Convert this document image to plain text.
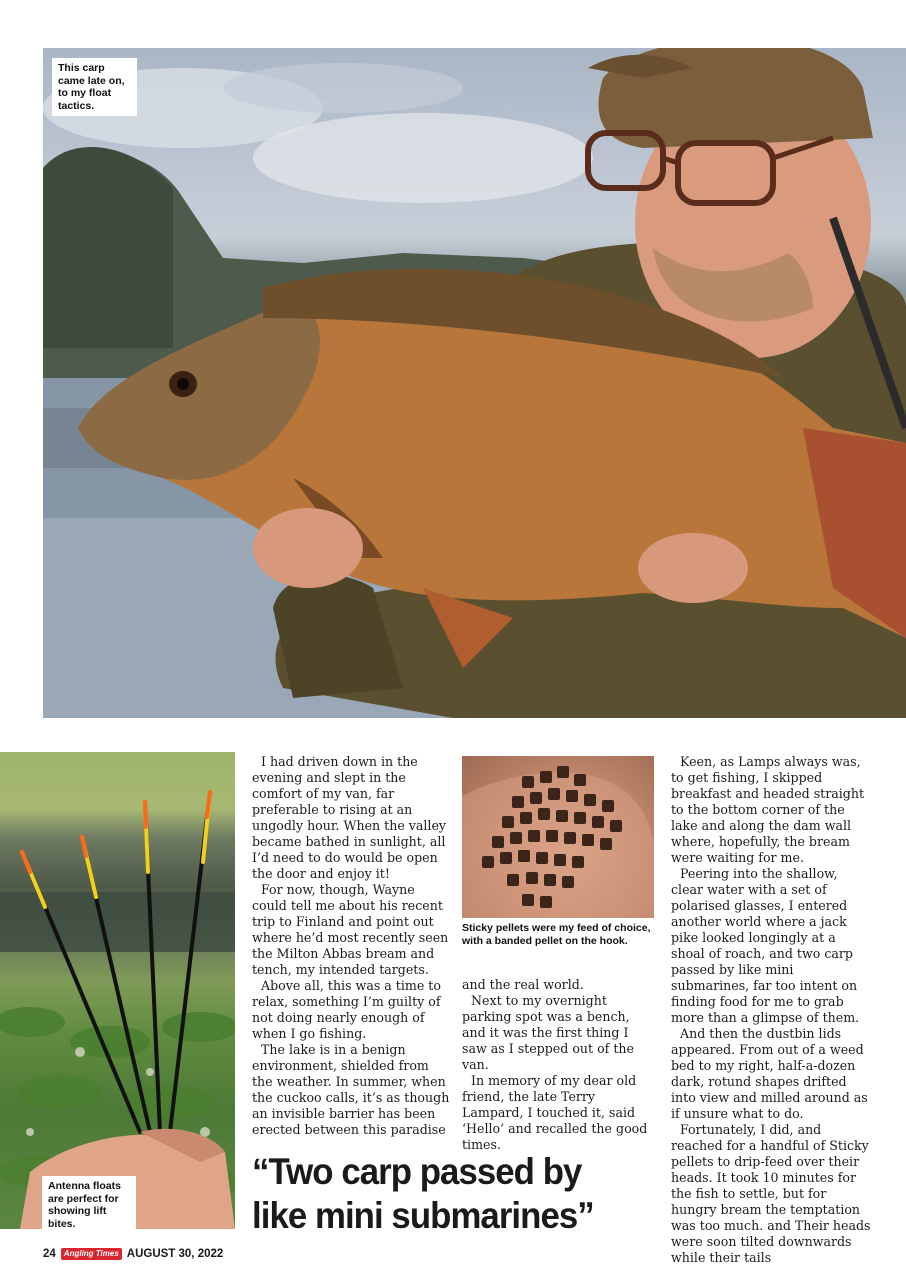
This carp came late on, to my float tactics.
Antenna floats are perfect for showing lift bites.
Sticky pellets were my feed of choice, with a banded pellet on the hook.

I had driven down in the evening and slept in the comfort of my van, far preferable to rising at an ungodly hour. When the valley became bathed in sunlight, all I’d need to do would be open the door and enjoy it!

For now, though, Wayne could tell me about his recent trip to Finland and point out where he’d most recently seen the Milton Abbas bream and tench, my intended targets.

Above all, this was a time to relax, something I’m guilty of not doing nearly enough of when I go fishing.

The lake is in a benign environment, shielded from the weather. In summer, when the cuckoo calls, it’s as though an invisible barrier has been erected between this paradise

and the real world.

Next to my overnight parking spot was a bench, and it was the first thing I saw as I stepped out of the van.

In memory of my dear old friend, the late Terry Lampard, I touched it, said ‘Hello’ and recalled the good times.

Keen, as Lamps always was, to get fishing, I skipped breakfast and headed straight to the bottom corner of the lake and along the dam wall where, hopefully, the bream were waiting for me.

Peering into the shallow, clear water with a set of polarised glasses, I entered another world where a jack pike looked longingly at a shoal of roach, and two carp passed by like mini submarines, far too intent on finding food for me to grab more than a glimpse of them.

And then the dustbin lids appeared. From out of a weed bed to my right, half-a-dozen dark, rotund shapes drifted into view and milled around as if unsure what to do.

Fortunately, I did, and reached for a handful of Sticky pellets to drip-feed over their heads. It took 10 minutes for the fish to settle, but for hungry bream the temptation was too much. and Their heads were soon tilted downwards while their tails

“Two carp passed by like mini submarines”
24	Angling Times AUGUST 30, 2022
